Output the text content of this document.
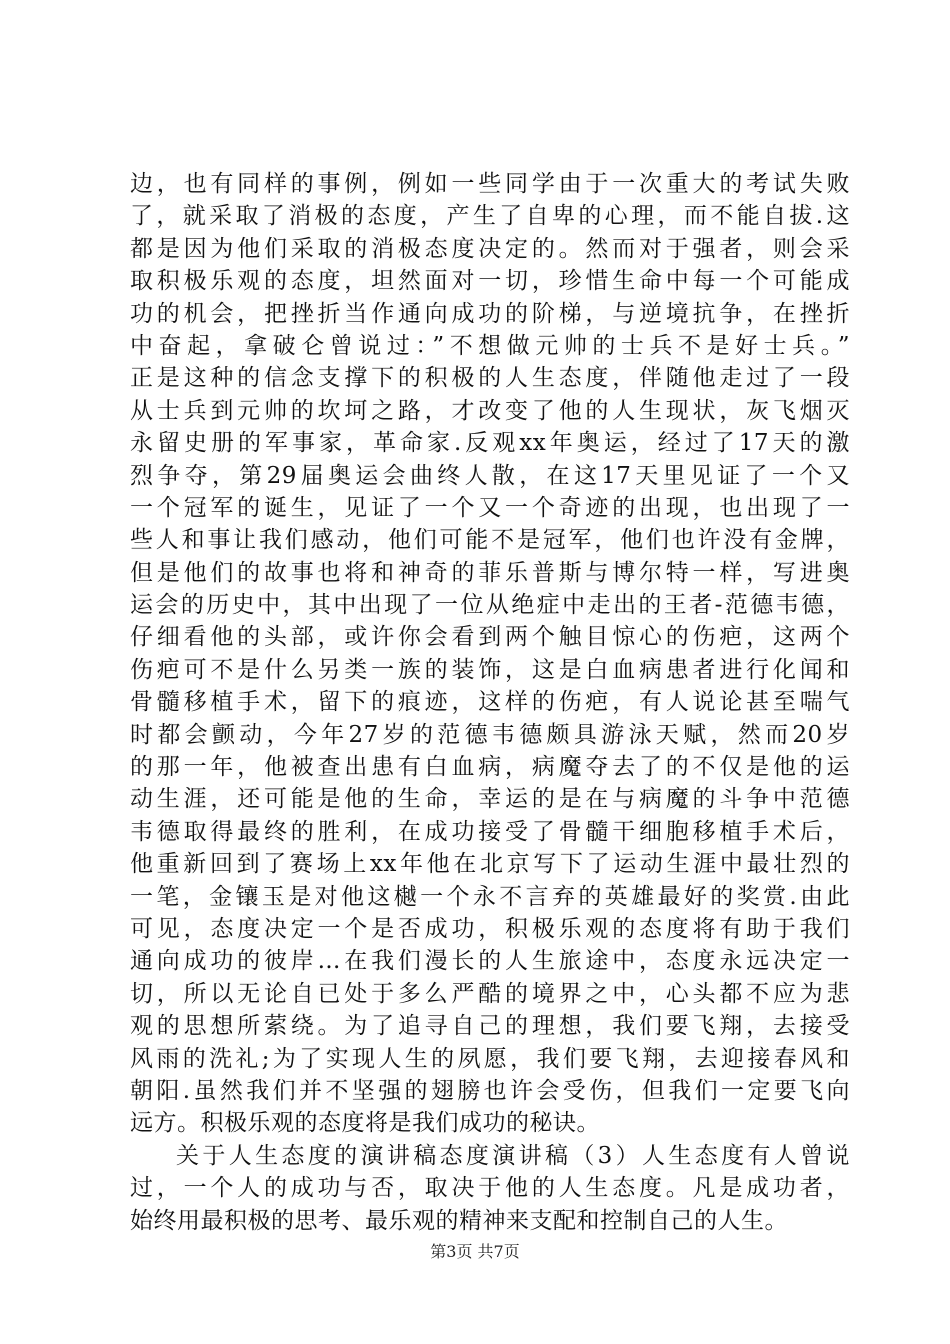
边，也有同样的事例，例如一些同学由于一次重大的考试失败
了，就采取了消极的态度，产生了自卑的心理，而不能自拔.这
都是因为他们采取的消极态度决定的。然而对于强者，则会采
取积极乐观的态度，坦然面对一切，珍惜生命中每一个可能成
功的机会，把挫折当作通向成功的阶梯，与逆境抗争，在挫折
中奋起，拿破仑曾说过：”不想做元帅的士兵不是好士兵。”
正是这种的信念支撑下的积极的人生态度，伴随他走过了一段
从士兵到元帅的坎坷之路，才改变了他的人生现状，灰飞烟灭
永留史册的军事家，革命家.反观xx年奥运，经过了17天的激
烈争夺，第29届奥运会曲终人散，在这17天里见证了一个又
一个冠军的诞生，见证了一个又一个奇迹的出现，也出现了一
些人和事让我们感动，他们可能不是冠军，他们也许没有金牌，
但是他们的故事也将和神奇的菲乐普斯与博尔特一样，写进奥
运会的历史中，其中出现了一位从绝症中走出的王者-范德韦德，
仔细看他的头部，或许你会看到两个触目惊心的伤疤，这两个
伤疤可不是什么另类一族的装饰，这是白血病患者进行化闻和
骨髓移植手术，留下的痕迹，这样的伤疤，有人说论甚至喘气
时都会颤动，今年27岁的范德韦德颇具游泳天赋，然而20岁
的那一年，他被查出患有白血病，病魔夺去了的不仅是他的运
动生涯，还可能是他的生命，幸运的是在与病魔的斗争中范德
韦德取得最终的胜利，在成功接受了骨髓干细胞移植手术后，
他重新回到了赛场上xx年他在北京写下了运动生涯中最壮烈的
一笔，金镶玉是对他这樾一个永不言弃的英雄最好的奖赏.由此
可见，态度决定一个是否成功，积极乐观的态度将有助于我们
通向成功的彼岸…在我们漫长的人生旅途中，态度永远决定一
切，所以无论自已处于多么严酷的境界之中，心头都不应为悲
观的思想所萦绕。为了追寻自己的理想，我们要飞翔，去接受
风雨的洗礼;为了实现人生的夙愿，我们要飞翔，去迎接春风和
朝阳.虽然我们并不坚强的翅膀也许会受伤，但我们一定要飞向
远方。积极乐观的态度将是我们成功的秘诀。
关于人生态度的演讲稿态度演讲稿（3）人生态度有人曾说
过，一个人的成功与否，取决于他的人生态度。凡是成功者，
始终用最积极的思考、最乐观的精神来支配和控制自己的人生。
第3页 共7页
